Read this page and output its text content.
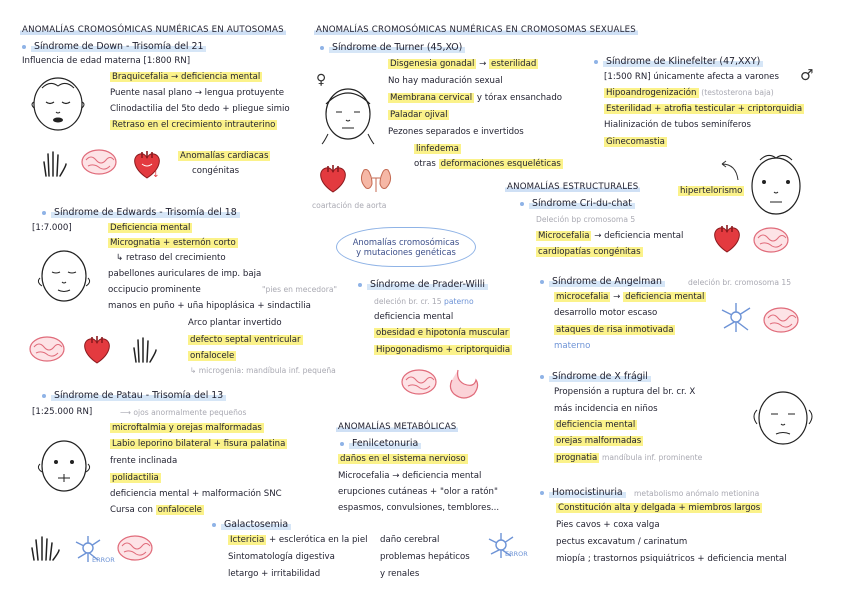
ANOMALÍAS CROMOSÓMICAS NUMÉRICAS EN AUTOSOMAS
Síndrome de Down - Trisomía del 21
Influencia de edad materna [1:800 RN]
Braquicefalia → deficiencia mental
Puente nasal plano → lengua protuyente
Clinodactilia del 5to dedo + pliegue simio
Retraso en el crecimiento intrauterino
Anomalías cardiacas
congénitas
↓
Síndrome de Edwards - Trisomía del 18
[1:7.000]	Deficiencia mental
Micrognatia + esternón corto
↳ retraso del crecimiento
pabellones auriculares de imp. baja
occipucio prominente
manos en puño + uña hipoplásica + sindactilia
"pies en mecedora"
Arco plantar invertido
defecto septal ventricular
onfalocele
↳ microgenia: mandíbula inf. pequeña
Síndrome de Patau - Trisomía del 13
[1:25.000 RN]	⟶ ojos anormalmente pequeños
microftalmia y orejas malformadas
Labio leporino bilateral + fisura palatina
frente inclinada
polidactilia
deficiencia mental + malformación SNC
Cursa con onfalocele
ERROR
Galactosemia
Ictericia + esclerótica en la piel
Sintomatología digestiva
letargo + irritabilidad
daño cerebral
problemas hepáticos
y renales
ERROR
ANOMALÍAS CROMOSÓMICAS NUMÉRICAS EN CROMOSOMAS SEXUALES
Síndrome de Turner (45,XO)
♀
Disgenesia gonadal → esterilidad
No hay maduración sexual
Membrana cervical y tórax ensanchado
Paladar ojival
Pezones separados e invertidos
linfedema
otras deformaciones esqueléticas
coartación de aorta
Síndrome de Klinefelter (47,XXY)
[1:500 RN] únicamente afecta a varones ♂
Hipoandrogenización (testosterona baja)
Esterilidad + atrofia testicular + criptorquidia
Hialinización de tubos seminíferos
Ginecomastia
ANOMALÍAS ESTRUCTURALES	hipertelorismo
Síndrome Cri-du-chat
Deleción bp cromosoma 5
Microcefalia → deficiencia mental
cardiopatías congénitas
Síndrome de Angelman	deleción br. cromosoma 15
microcefalia → deficiencia mental
desarrollo motor escaso
ataques de risa inmotivada
materno
Síndrome de X frágil
Propensión a ruptura del br. cr. X
más incidencia en niños
deficiencia mental
orejas malformadas
prognatia mandíbula inf. prominente
Homocistinuria	metabolismo anómalo metionina
Constitución alta y delgada + miembros largos
Pies cavos + coxa valga
pectus excavatum / carinatum
miopía ; trastornos psiquiátricos + deficiencia mental
Anomalías cromosómicas
y mutaciones genéticas
Síndrome de Prader-Willi
deleción br. cr. 15 paterno
deficiencia mental
obesidad e hipotonía muscular
Hipogonadismo + criptorquidia
ANOMALÍAS METABÓLICAS
Fenilcetonuria
daños en el sistema nervioso
Microcefalia → deficiencia mental
erupciones cutáneas + "olor a ratón"
espasmos, convulsiones, temblores...
